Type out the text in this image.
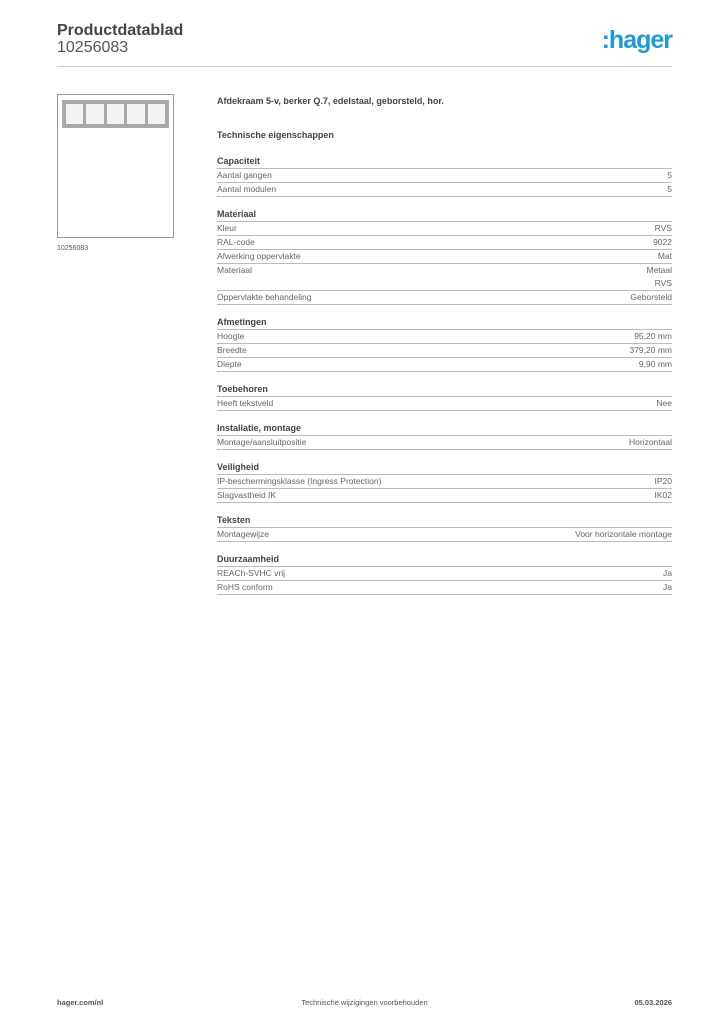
Productdatablad
10256083	:hager
10256083
Afdekraam 5-v, berker Q.7, edelstaal, geborsteld, hor.
Technische eigenschappen
Capaciteit
Aantal gangen	5
Aantal modulen	5
Materiaal
Kleur	RVS
RAL-code	9022
Afwerking oppervlakte	Mat
Materiaal	Metaal
RVS
Oppervlakte behandeling	Geborsteld
Afmetingen
Hoogte	95,20 mm
Breedte	379,20 mm
Diepte	9,90 mm
Toebehoren
Heeft tekstveld	Nee
Installatie, montage
Montage/aansluitpositie	Horizontaal
Veiligheid
IP-beschermingsklasse (Ingress Protection)	IP20
Slagvastheid IK	IK02
Teksten
Montagewijze	Voor horizontale montage
Duurzaamheid
REACh-SVHC vrij	Ja
RoHS conform	Ja
hager.com/nl	Technische wijzigingen voorbehouden	05.03.2026
